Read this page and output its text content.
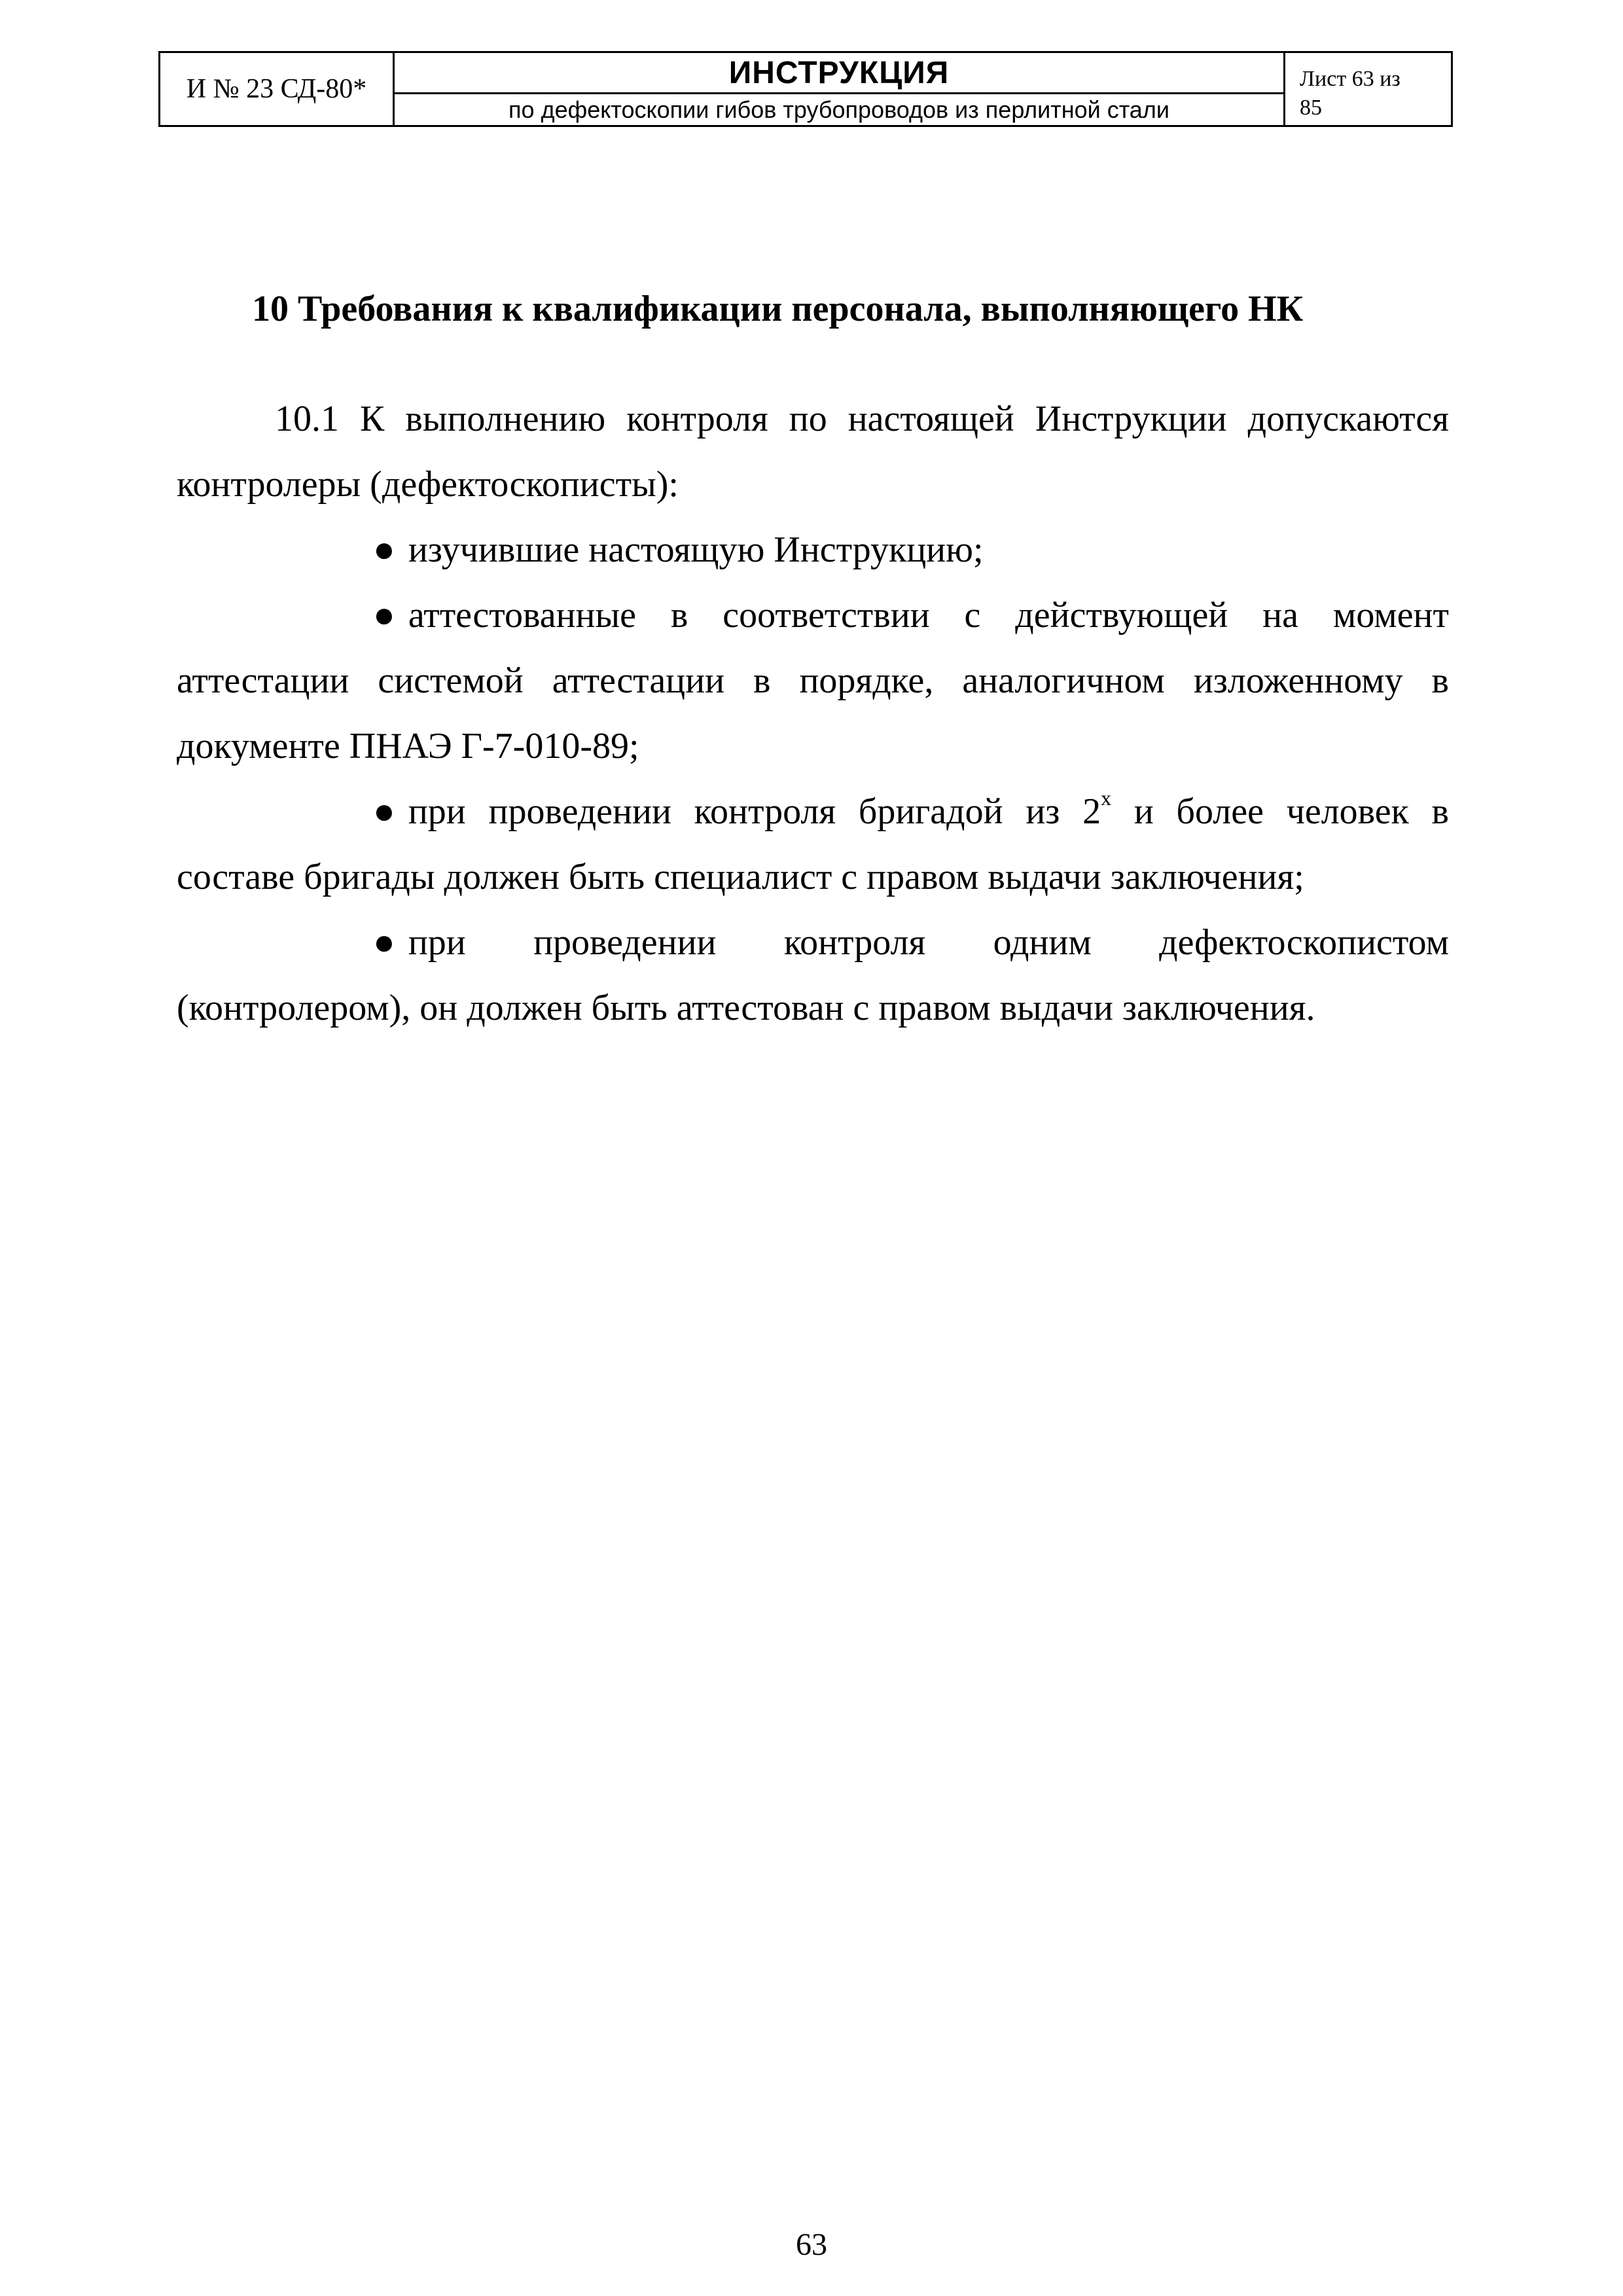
И № 23 СД-80*	ИНСТРУКЦИЯ
по дефектоскопии гибов трубопроводов из перлитной стали
Лист 63 из
85
10 Требования к квалификации персонала, выполняющего НК
10.1 К выполнению контроля по настоящей Инструкции допускаются контролеры (дефектоскописты):
● изучившие настоящую Инструкцию;
● аттестованные в соответствии с действующей на момент аттестации системой аттестации в порядке, аналогичном изложенному в документе ПНАЭ Г-7-010-89;
● при проведении контроля бригадой из $2^х$ и более человек в составе бригады должен быть специалист с правом выдачи заключения;
● при проведении контроля одним дефектоскопистом (контролером), он должен быть аттестован с правом выдачи заключения.
63
